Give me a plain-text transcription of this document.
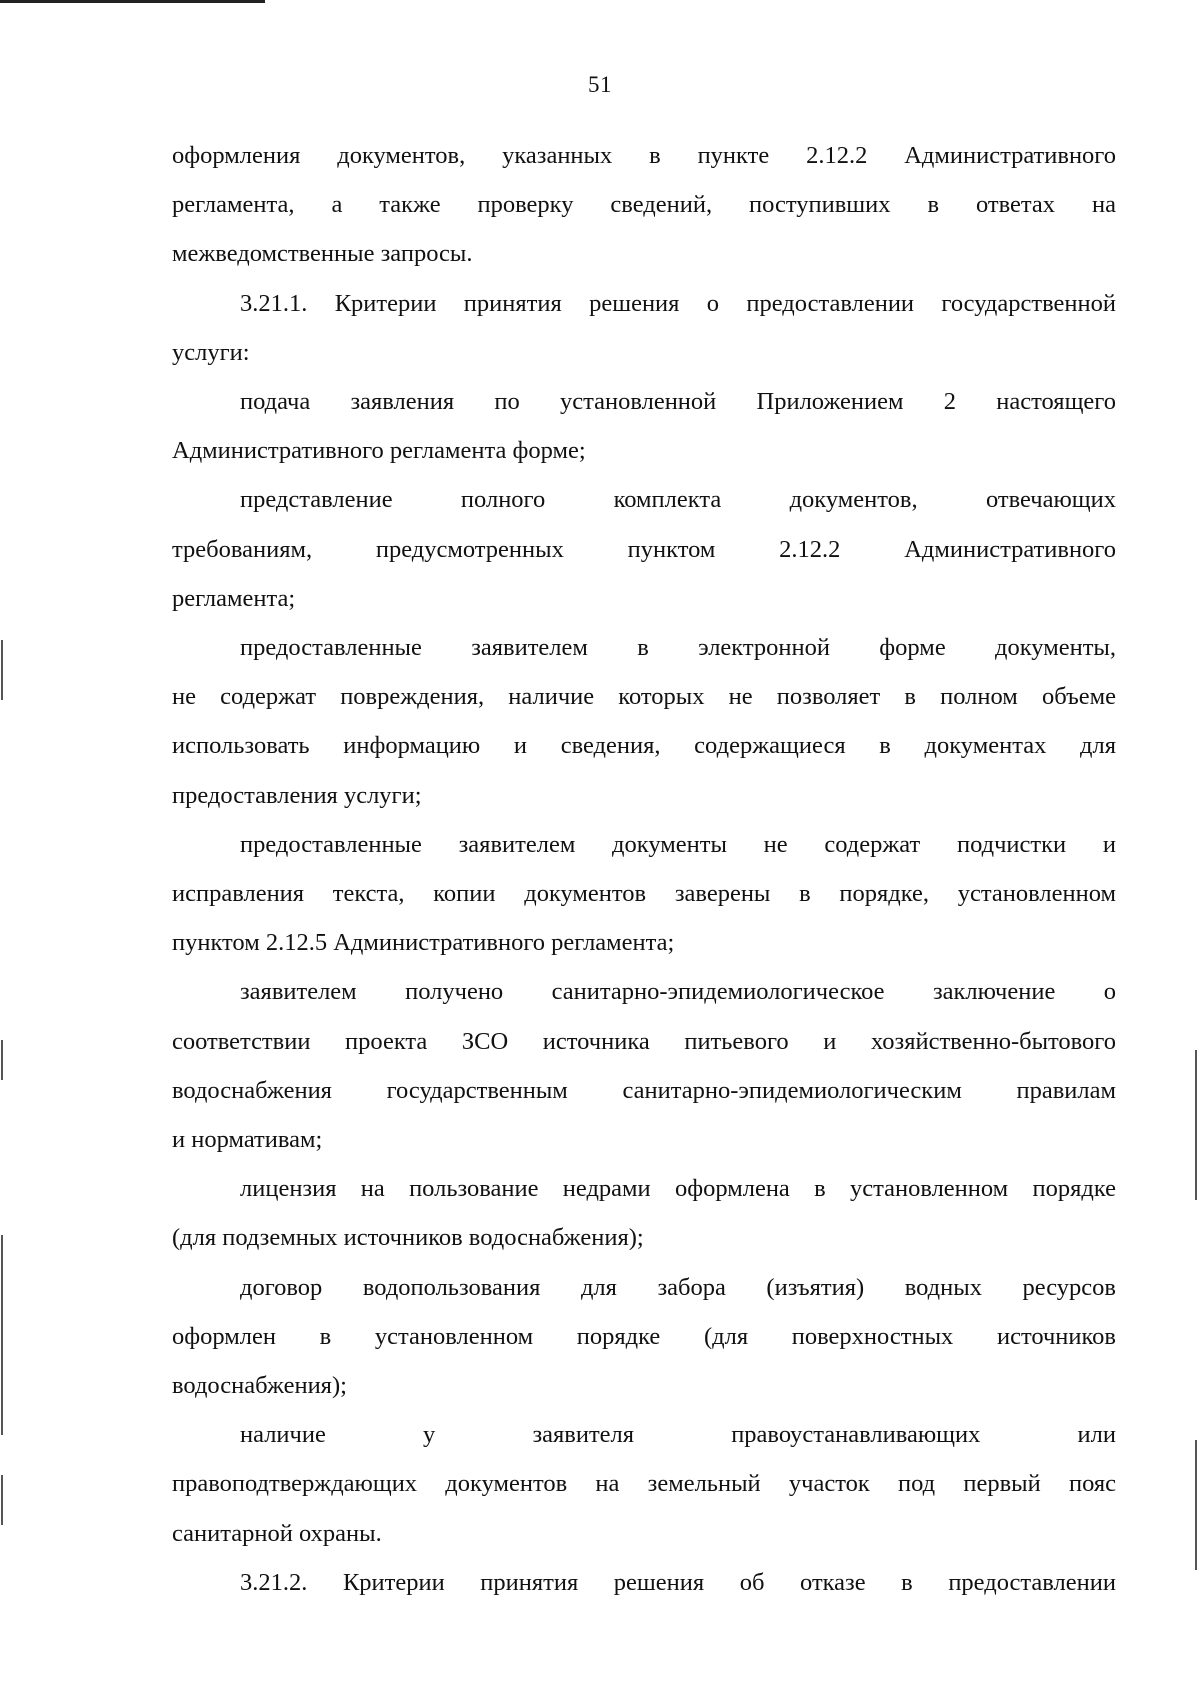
51
оформления документов, указанных в пункте 2.12.2 Административного
регламента, а также проверку сведений, поступивших в ответах на
межведомственные запросы.
3.21.1. Критерии принятия решения о предоставлении государственной
услуги:
подача заявления по установленной Приложением 2 настоящего
Административного регламента форме;
представление полного комплекта документов, отвечающих
требованиям, предусмотренных пунктом 2.12.2 Административного
регламента;
предоставленные заявителем в электронной форме документы,
не содержат повреждения, наличие которых не позволяет в полном объеме
использовать информацию и сведения, содержащиеся в документах для
предоставления услуги;
предоставленные заявителем документы не содержат подчистки и
исправления текста, копии документов заверены в порядке, установленном
пунктом 2.12.5 Административного регламента;
заявителем получено санитарно-эпидемиологическое заключение о
соответствии проекта ЗСО источника питьевого и хозяйственно-бытового
водоснабжения государственным санитарно-эпидемиологическим правилам
и нормативам;
лицензия на пользование недрами оформлена в установленном порядке
(для подземных источников водоснабжения);
договор водопользования для забора (изъятия) водных ресурсов
оформлен в установленном порядке (для поверхностных источников
водоснабжения);
наличие у заявителя правоустанавливающих или
правоподтверждающих документов на земельный участок под первый пояс
санитарной охраны.
3.21.2. Критерии принятия решения об отказе в предоставлении
